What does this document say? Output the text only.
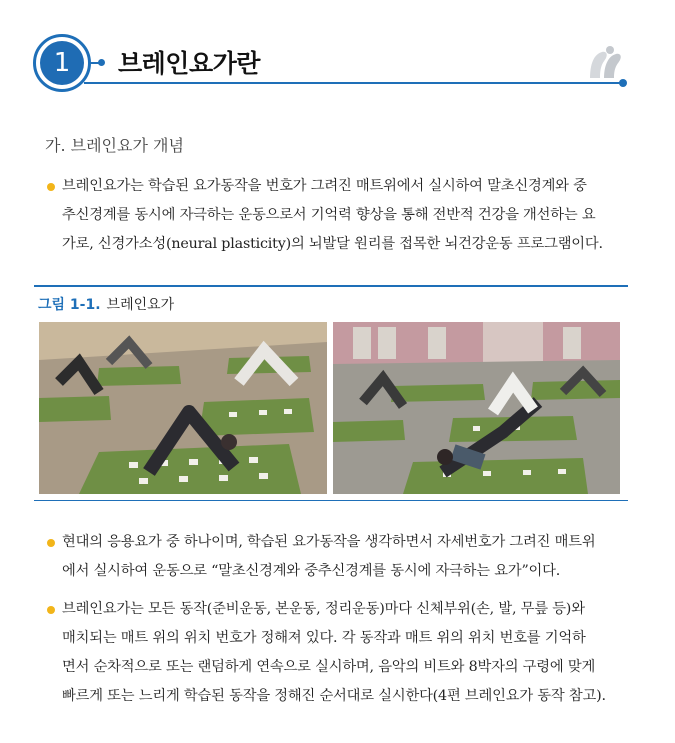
1	브레인요가란
가. 브레인요가 개념
브레인요가는 학습된 요가동작을 번호가 그려진 매트위에서 실시하여 말초신경계와 중
추신경계를 동시에 자극하는 운동으로서 기억력 향상을 통해 전반적 건강을 개선하는 요
가로, 신경가소성(neural plasticity)의 뇌발달 원리를 접목한 뇌건강운동 프로그램이다.
그림 1-1. 브레인요가
현대의 응용요가 중 하나이며, 학습된 요가동작을 생각하면서 자세번호가 그려진 매트위
에서 실시하여 운동으로 “말초신경계와 중추신경계를 동시에 자극하는 요가”이다.
브레인요가는 모든 동작(준비운동, 본운동, 정리운동)마다 신체부위(손, 발, 무릎 등)와
매치되는 매트 위의 위치 번호가 정해져 있다. 각 동작과 매트 위의 위치 번호를 기억하
면서 순차적으로 또는 랜덤하게 연속으로 실시하며, 음악의 비트와 8박자의 구령에 맞게
빠르게 또는 느리게 학습된 동작을 정해진 순서대로 실시한다(4편 브레인요가 동작 참고).
